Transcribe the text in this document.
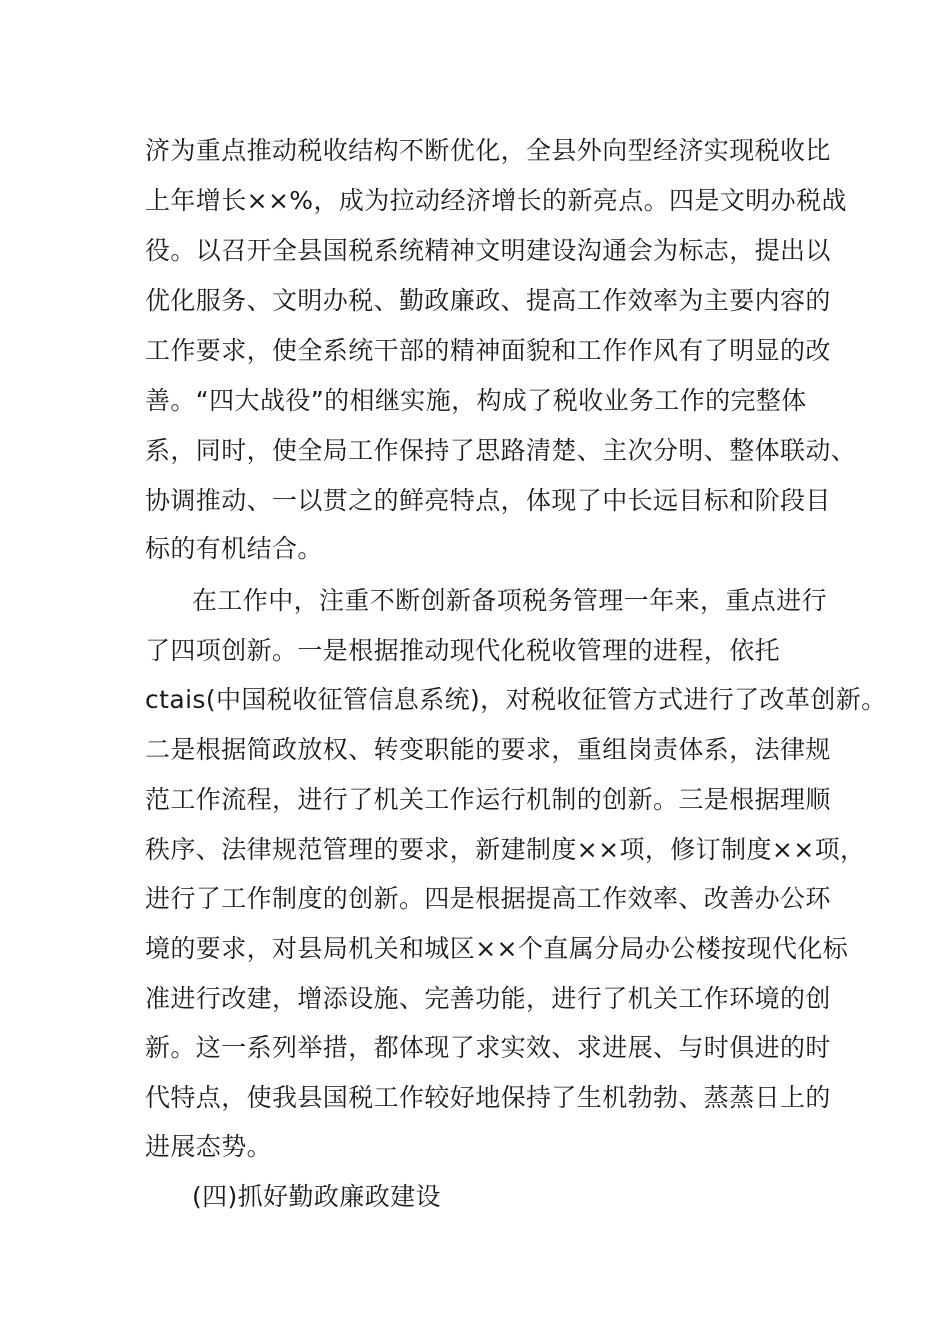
济为重点推动税收结构不断优化，全县外向型经济实现税收比
上年增长××%，成为拉动经济增长的新亮点。四是文明办税战
役。以召开全县国税系统精神文明建设沟通会为标志，提出以
优化服务、文明办税、勤政廉政、提高工作效率为主要内容的
工作要求，使全系统干部的精神面貌和工作作风有了明显的改
善。“四大战役”的相继实施，构成了税收业务工作的完整体
系，同时，使全局工作保持了思路清楚、主次分明、整体联动、
协调推动、一以贯之的鲜亮特点，体现了中长远目标和阶段目
标的有机结合。
在工作中，注重不断创新备项税务管理一年来，重点进行
了四项创新。一是根据推动现代化税收管理的进程，依托
ctais(中国税收征管信息系统)，对税收征管方式进行了改革创新。
二是根据简政放权、转变职能的要求，重组岗责体系，法律规
范工作流程，进行了机关工作运行机制的创新。三是根据理顺
秩序、法律规范管理的要求，新建制度××项，修订制度××项，
进行了工作制度的创新。四是根据提高工作效率、改善办公环
境的要求，对县局机关和城区××个直属分局办公楼按现代化标
准进行改建，增添设施、完善功能，进行了机关工作环境的创
新。这一系列举措，都体现了求实效、求进展、与时俱进的时
代特点，使我县国税工作较好地保持了生机勃勃、蒸蒸日上的
进展态势。
(四)抓好勤政廉政建设
